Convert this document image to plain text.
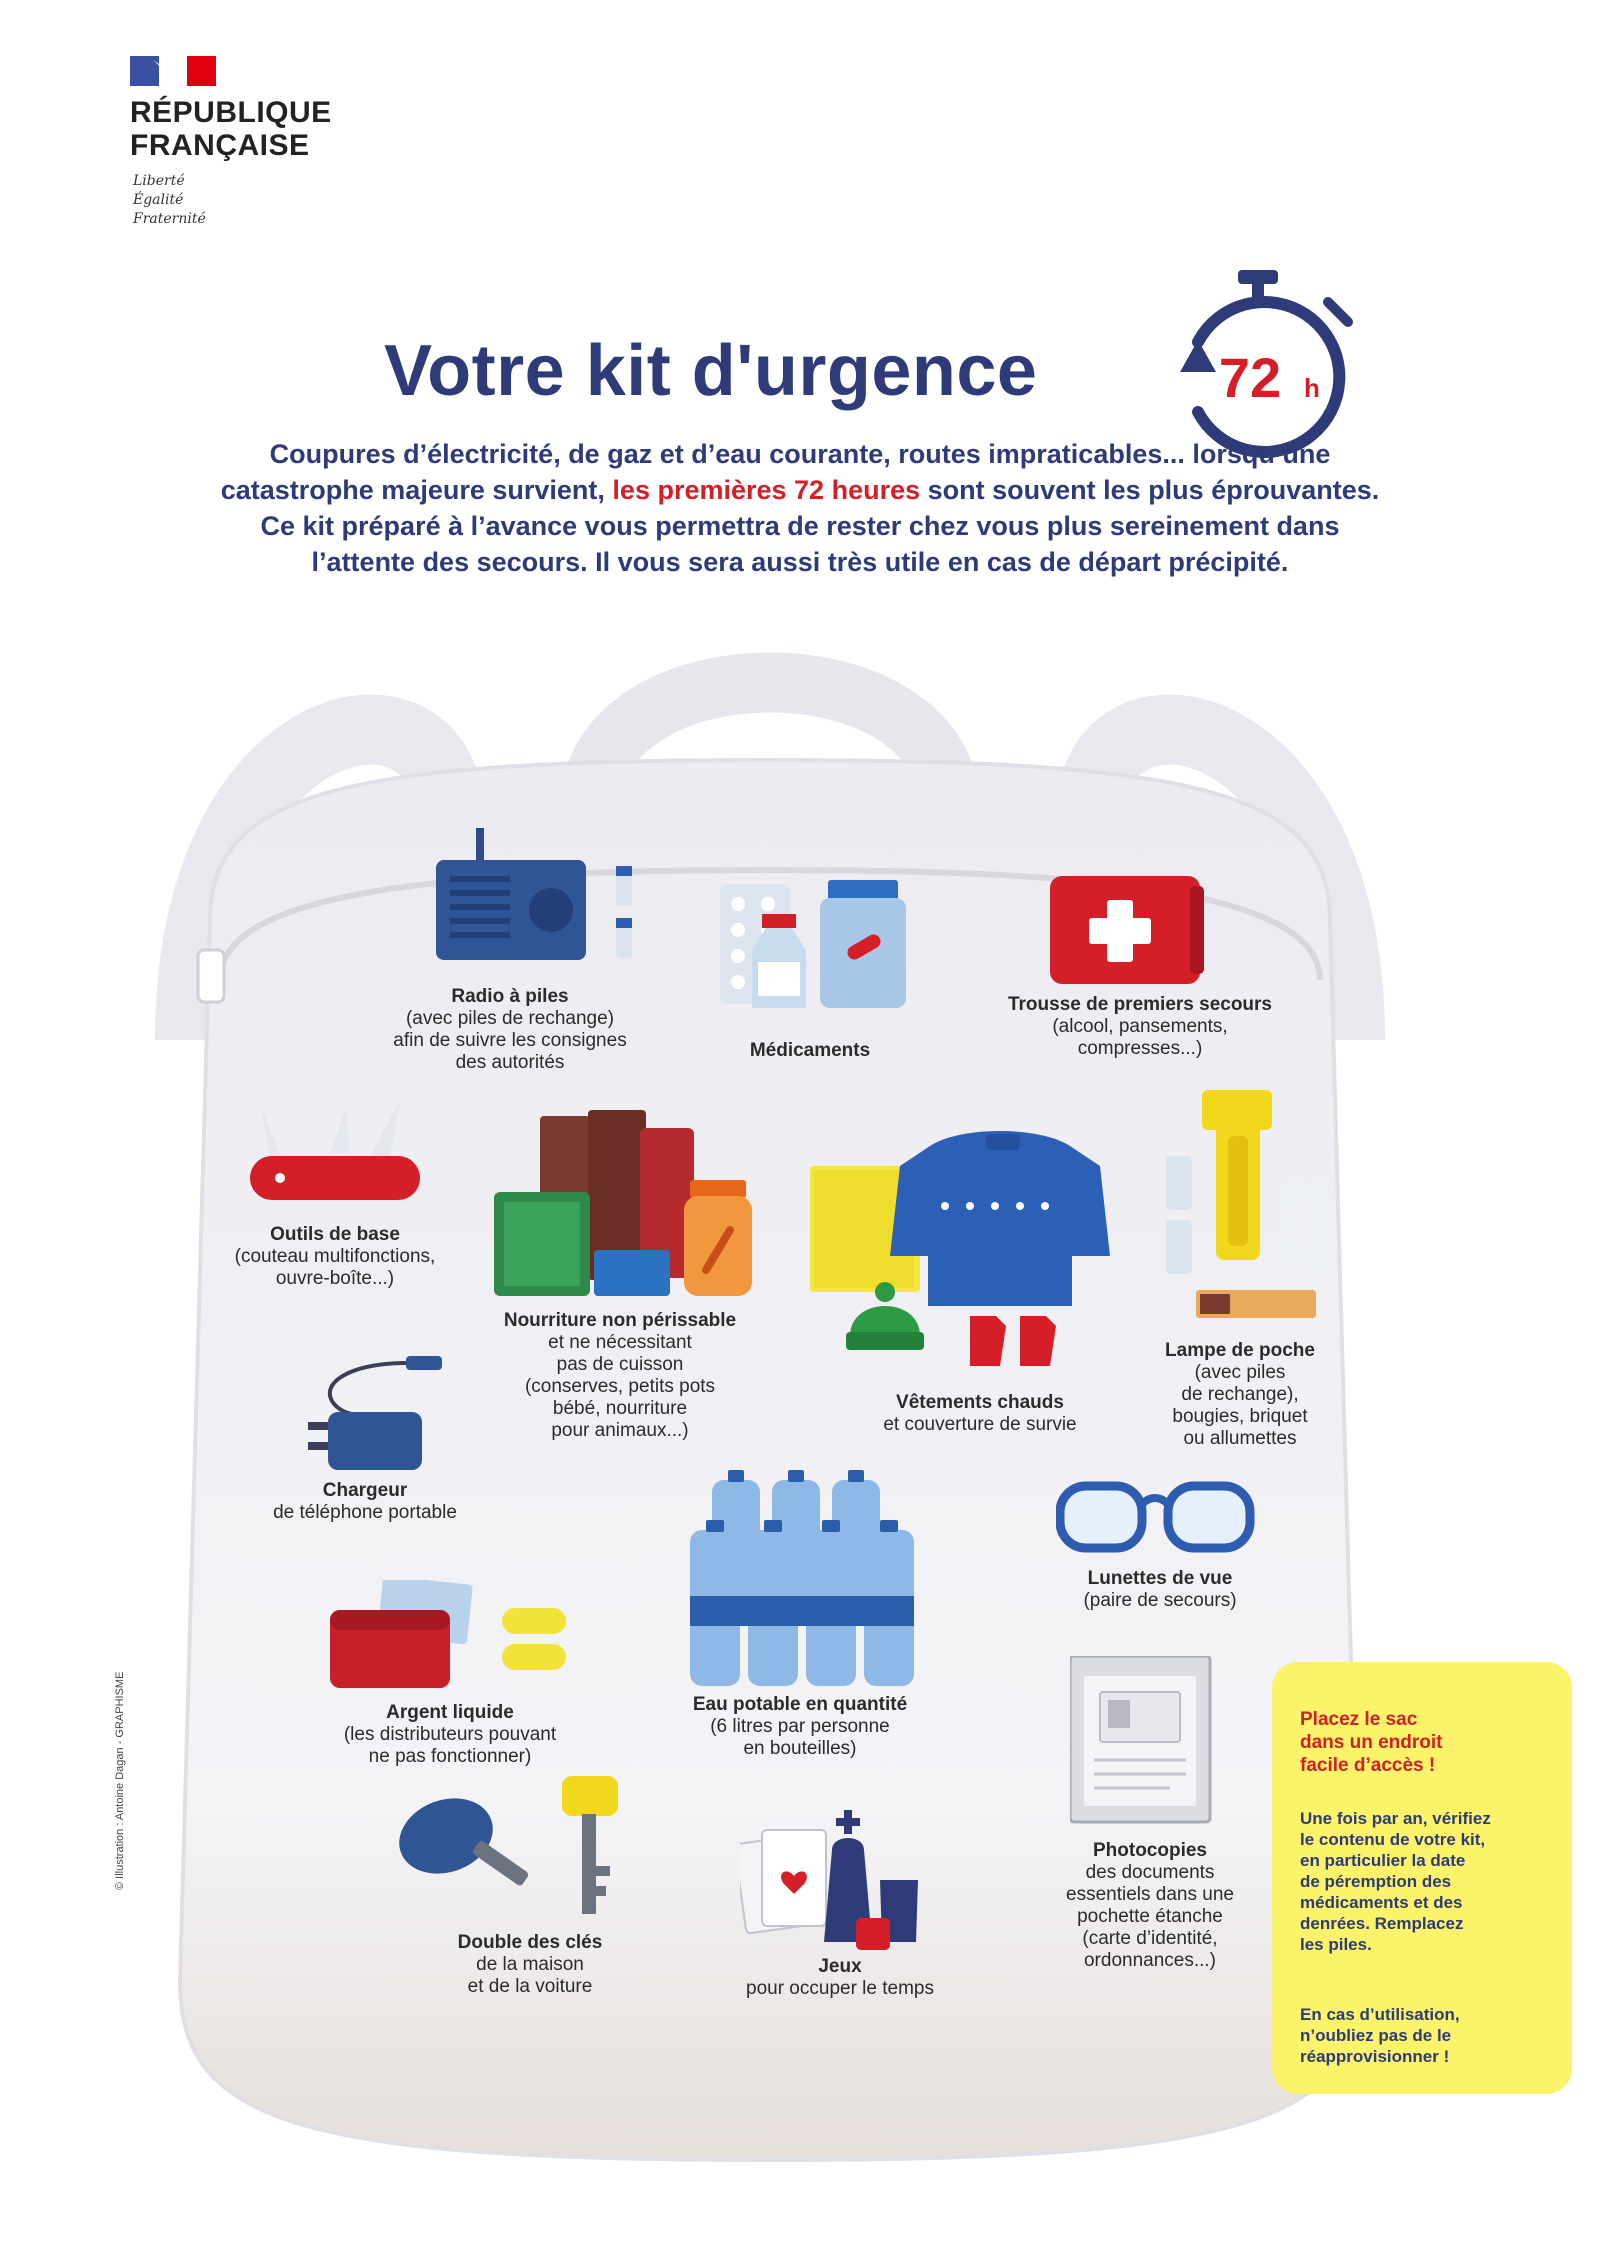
RÉPUBLIQUE
FRANÇAISE
Liberté
Égalité
Fraternité
Votre kit d'urgence	72 h
Coupures d’électricité, de gaz et d’eau courante, routes impraticables... lorsqu’une catastrophe majeure survient, les premières 72 heures sont souvent les plus éprouvantes. Ce kit préparé à l’avance vous permettra de rester chez vous plus sereinement dans l’attente des secours. Il vous sera aussi très utile en cas de départ précipité.
Radio à piles
(avec piles de rechange)
afin de suivre les consignes
des autorités
Médicaments
Trousse de premiers secours
(alcool, pansements,
compresses...)
Outils de base
(couteau multifonctions,
ouvre-boîte...)
Nourriture non périssable
et ne nécessitant
pas de cuisson
(conserves, petits pots
bébé, nourriture
pour animaux...)
Vêtements chauds
et couverture de survie
Lampe de poche
(avec piles
de rechange),
bougies, briquet
ou allumettes
Chargeur
de téléphone portable
Eau potable en quantité
(6 litres par personne
en bouteilles)
Lunettes de vue
(paire de secours)
Argent liquide
(les distributeurs pouvant
ne pas fonctionner)
Photocopies
des documents
essentiels dans une
pochette étanche
(carte d’identité,
ordonnances...)
Double des clés
de la maison
et de la voiture
Jeux
pour occuper le temps
Placez le sac
dans un endroit
facile d’accès !
Une fois par an, vérifiez
le contenu de votre kit,
en particulier la date
de péremption des
médicaments et des
denrées. Remplacez
les piles.
En cas d’utilisation,
n’oubliez pas de le
réapprovisionner !
© Illustration : Antoine Dagan - GRAPHISME
